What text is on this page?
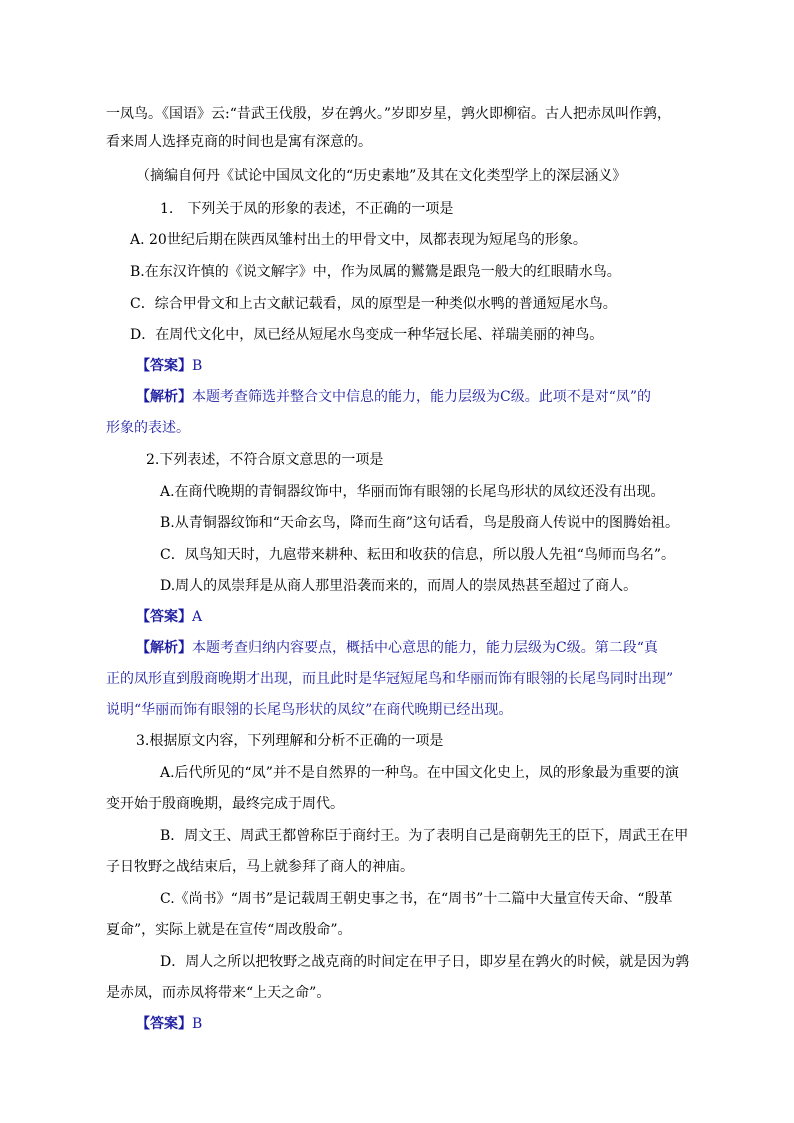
一凤鸟。《国语》云:“昔武王伐殷，岁在鹑火。”岁即岁星，鹑火即柳宿。古人把赤凤叫作鹑，
看来周人选择克商的时间也是寓有深意的。
（摘编自何丹《试论中国凤文化的“历史素地”及其在文化类型学上的深层涵义》
1.　下列关于凤的形象的表述，不正确的一项是
A. 20世纪后期在陕西凤雏村出土的甲骨文中，凤都表现为短尾鸟的形象。
B.在东汉许慎的《说文解字》中，作为凤属的鸑鷟是跟凫一般大的红眼睛水鸟。
C．综合甲骨文和上古文献记载看，凤的原型是一种类似水鸭的普通短尾水鸟。
D．在周代文化中，凤已经从短尾水鸟变成一种华冠长尾、祥瑞美丽的神鸟。
【答案】B
【解析】本题考查筛选并整合文中信息的能力，能力层级为C级。此项不是对“凤”的
形象的表述。
2.下列表述，不符合原文意思的一项是
A.在商代晚期的青铜器纹饰中，华丽而饰有眼翎的长尾鸟形状的凤纹还没有出现。
B.从青铜器纹饰和“天命玄鸟，降而生商”这句话看，鸟是殷商人传说中的图腾始祖。
C．凤鸟知天时，九扈带来耕种、耘田和收获的信息，所以殷人先祖“鸟师而鸟名”。
D.周人的凤崇拜是从商人那里沿袭而来的，而周人的崇凤热甚至超过了商人。
【答案】A
【解析】本题考查归纳内容要点，概括中心意思的能力，能力层级为C级。第二段“真
正的凤形直到殷商晚期才出现，而且此时是华冠短尾鸟和华丽而饰有眼翎的长尾鸟同时出现”
说明“华丽而饰有眼翎的长尾鸟形状的凤纹”在商代晚期已经出现。
3.根据原文内容，下列理解和分析不正确的一项是
A.后代所见的“凤”并不是自然界的一种鸟。在中国文化史上，凤的形象最为重要的演
变开始于殷商晚期，最终完成于周代。
B．周文王、周武王都曾称臣于商纣王。为了表明自己是商朝先王的臣下，周武王在甲
子日牧野之战结束后，马上就参拜了商人的神庙。
C.《尚书》“周书”是记载周王朝史事之书，在“周书”十二篇中大量宣传天命、“殷革
夏命”，实际上就是在宣传“周改殷命”。
D．周人之所以把牧野之战克商的时间定在甲子日，即岁星在鹑火的时候，就是因为鹑
是赤凤，而赤凤将带来“上天之命”。
【答案】B
